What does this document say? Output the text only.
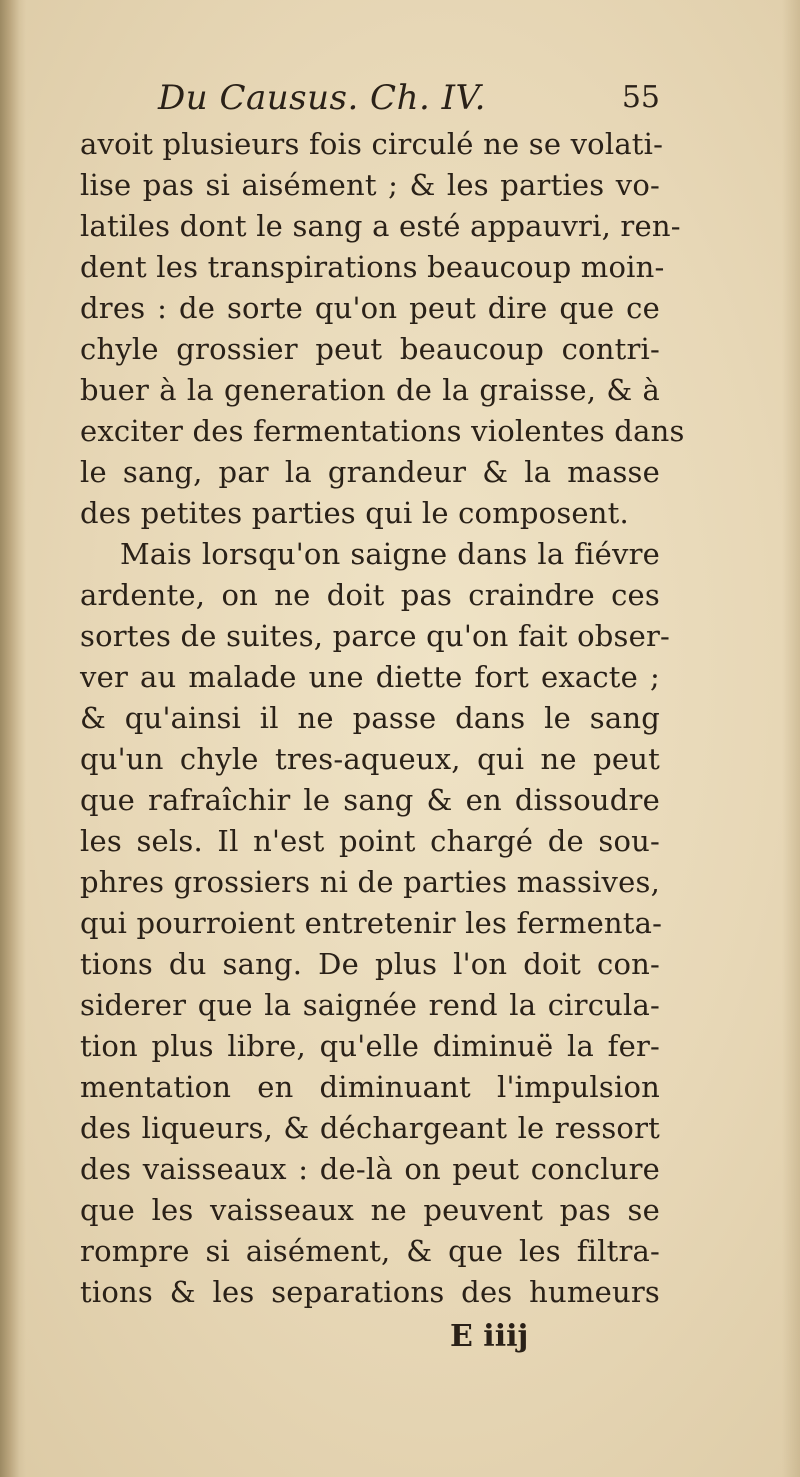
Du Causus. Ch. IV.	55
avoit plusieurs fois circulé ne se volati-
lise pas si aisément ; & les parties vo-
latiles dont le sang a esté appauvri, ren-
dent les transpirations beaucoup moin-
dres : de sorte qu'on peut dire que ce
chyle grossier peut beaucoup contri-
buer à la generation de la graisse, & à
exciter des fermentations violentes dans
le sang, par la grandeur & la masse
des petites parties qui le composent.
Mais lorsqu'on saigne dans la fiévre
ardente, on ne doit pas craindre ces
sortes de suites, parce qu'on fait obser-
ver au malade une diette fort exacte ;
& qu'ainsi il ne passe dans le sang
qu'un chyle tres-aqueux, qui ne peut
que rafraîchir le sang & en dissoudre
les sels. Il n'est point chargé de sou-
phres grossiers ni de parties massives,
qui pourroient entretenir les fermenta-
tions du sang. De plus l'on doit con-
siderer que la saignée rend la circula-
tion plus libre, qu'elle diminuë la fer-
mentation en diminuant l'impulsion
des liqueurs, & déchargeant le ressort
des vaisseaux : de-là on peut conclure
que les vaisseaux ne peuvent pas se
rompre si aisément, & que les filtra-
tions & les separations des humeurs
E iiij
